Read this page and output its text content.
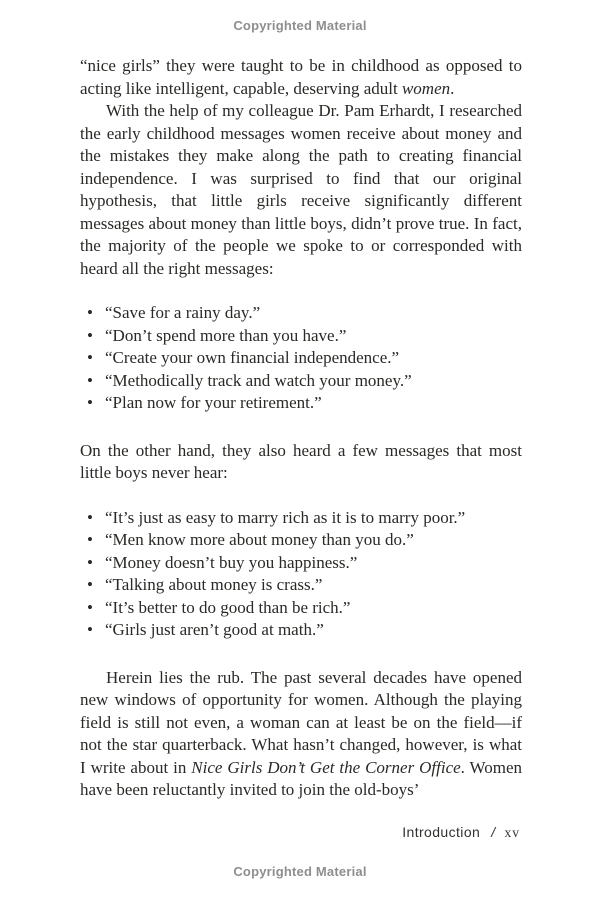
Copyrighted Material

“nice girls” they were taught to be in childhood as opposed to acting like intelligent, capable, deserving adult women.

With the help of my colleague Dr. Pam Erhardt, I researched the early childhood messages women receive about money and the mistakes they make along the path to creating financial independence. I was surprised to find that our original hypothesis, that little girls receive significantly different messages about money than little boys, didn’t prove true. In fact, the majority of the people we spoke to or corresponded with heard all the right messages:

• “Save for a rainy day.”
• “Don’t spend more than you have.”
• “Create your own financial independence.”
• “Methodically track and watch your money.”
• “Plan now for your retirement.”

On the other hand, they also heard a few messages that most little boys never hear:

• “It’s just as easy to marry rich as it is to marry poor.”
• “Men know more about money than you do.”
• “Money doesn’t buy you happiness.”
• “Talking about money is crass.”
• “It’s better to do good than be rich.”
• “Girls just aren’t good at math.”

Herein lies the rub. The past several decades have opened new windows of opportunity for women. Although the playing field is still not even, a woman can at least be on the field—if not the star quarterback. What hasn’t changed, however, is what I write about in Nice Girls Don’t Get the Corner Office. Women have been reluctantly invited to join the old-boys’

Introduction / xv
Copyrighted Material
